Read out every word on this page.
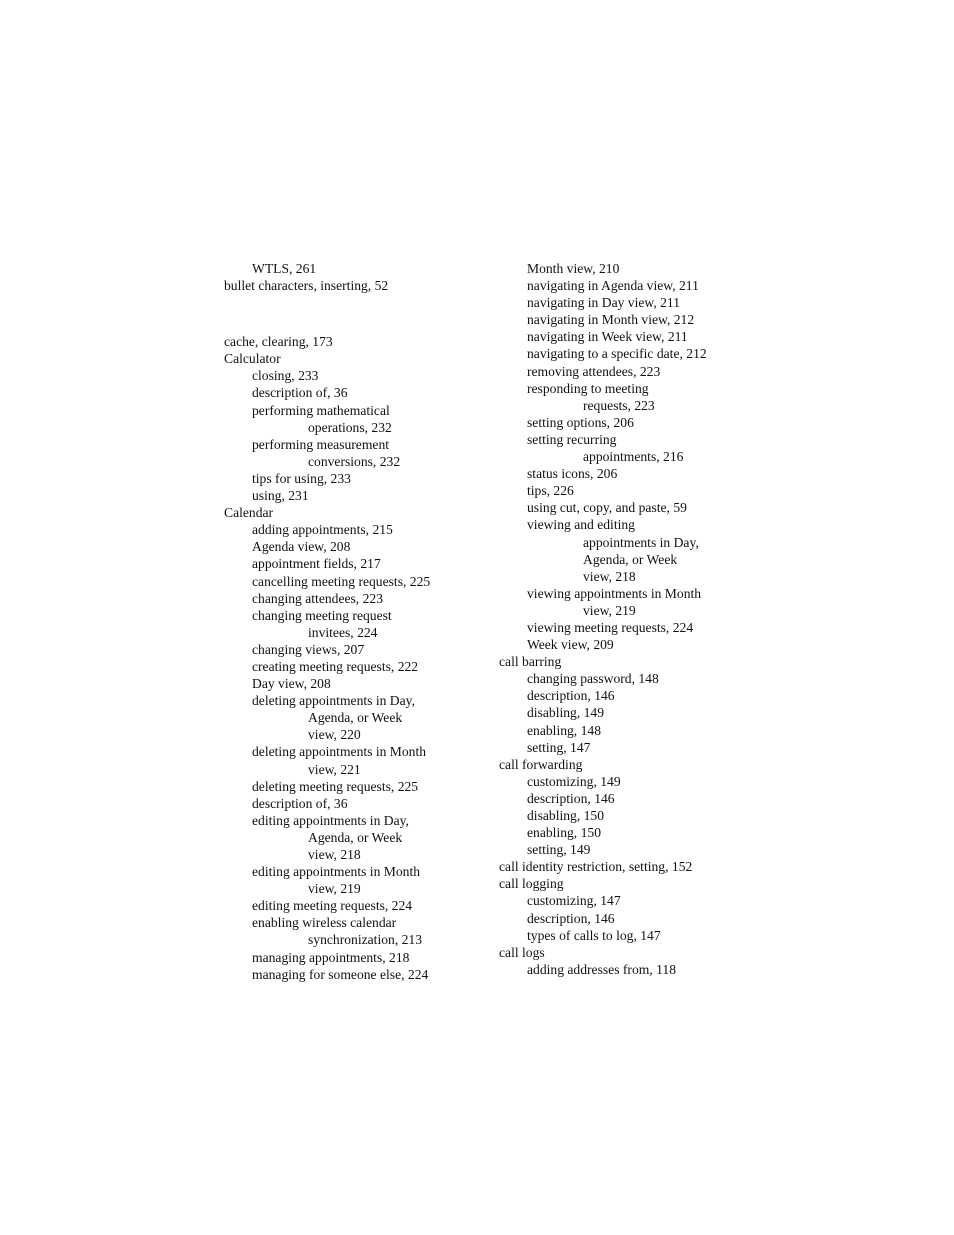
WTLS, 261
bullet characters, inserting, 52
cache, clearing, 173
Calculator
closing, 233
description of, 36
performing mathematical
operations, 232
performing measurement
conversions, 232
tips for using, 233
using, 231
Calendar
adding appointments, 215
Agenda view, 208
appointment fields, 217
cancelling meeting requests, 225
changing attendees, 223
changing meeting request
invitees, 224
changing views, 207
creating meeting requests, 222
Day view, 208
deleting appointments in Day,
Agenda, or Week
view, 220
deleting appointments in Month
view, 221
deleting meeting requests, 225
description of, 36
editing appointments in Day,
Agenda, or Week
view, 218
editing appointments in Month
view, 219
editing meeting requests, 224
enabling wireless calendar
synchronization, 213
managing appointments, 218
managing for someone else, 224
Month view, 210
navigating in Agenda view, 211
navigating in Day view, 211
navigating in Month view, 212
navigating in Week view, 211
navigating to a specific date, 212
removing attendees, 223
responding to meeting
requests, 223
setting options, 206
setting recurring
appointments, 216
status icons, 206
tips, 226
using cut, copy, and paste, 59
viewing and editing
appointments in Day,
Agenda, or Week
view, 218
viewing appointments in Month
view, 219
viewing meeting requests, 224
Week view, 209
call barring
changing password, 148
description, 146
disabling, 149
enabling, 148
setting, 147
call forwarding
customizing, 149
description, 146
disabling, 150
enabling, 150
setting, 149
call identity restriction, setting, 152
call logging
customizing, 147
description, 146
types of calls to log, 147
call logs
adding addresses from, 118
